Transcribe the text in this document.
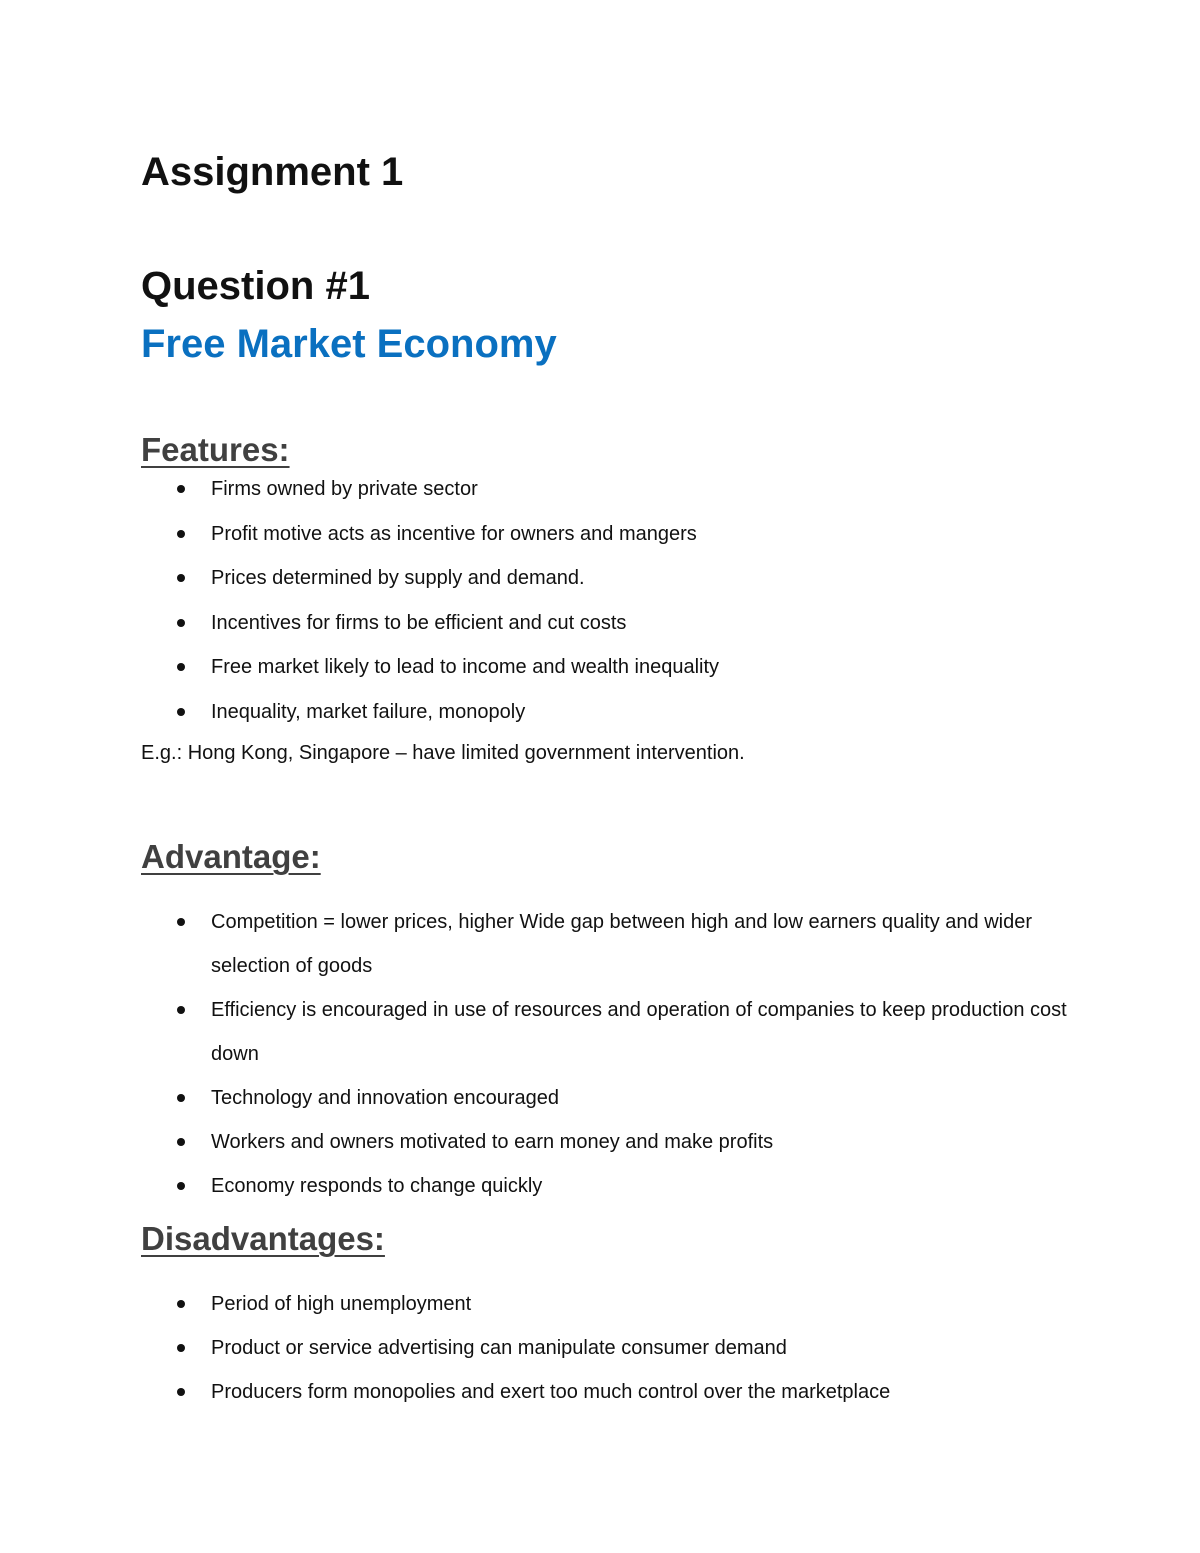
Assignment 1
Question #1
Free Market Economy
Features:
Firms owned by private sector
Profit motive acts as incentive for owners and mangers
Prices determined by supply and demand.
Incentives for firms to be efficient and cut costs
Free market likely to lead to income and wealth inequality
Inequality, market failure, monopoly

E.g.: Hong Kong, Singapore – have limited government intervention.

Advantage:
Competition = lower prices, higher Wide gap between high and low earners quality and wider selection of goods
Efficiency is encouraged in use of resources and operation of companies to keep production cost down
Technology and innovation encouraged
Workers and owners motivated to earn money and make profits
Economy responds to change quickly
Disadvantages:
Period of high unemployment
Product or service advertising can manipulate consumer demand
Producers form monopolies and exert too much control over the marketplace
